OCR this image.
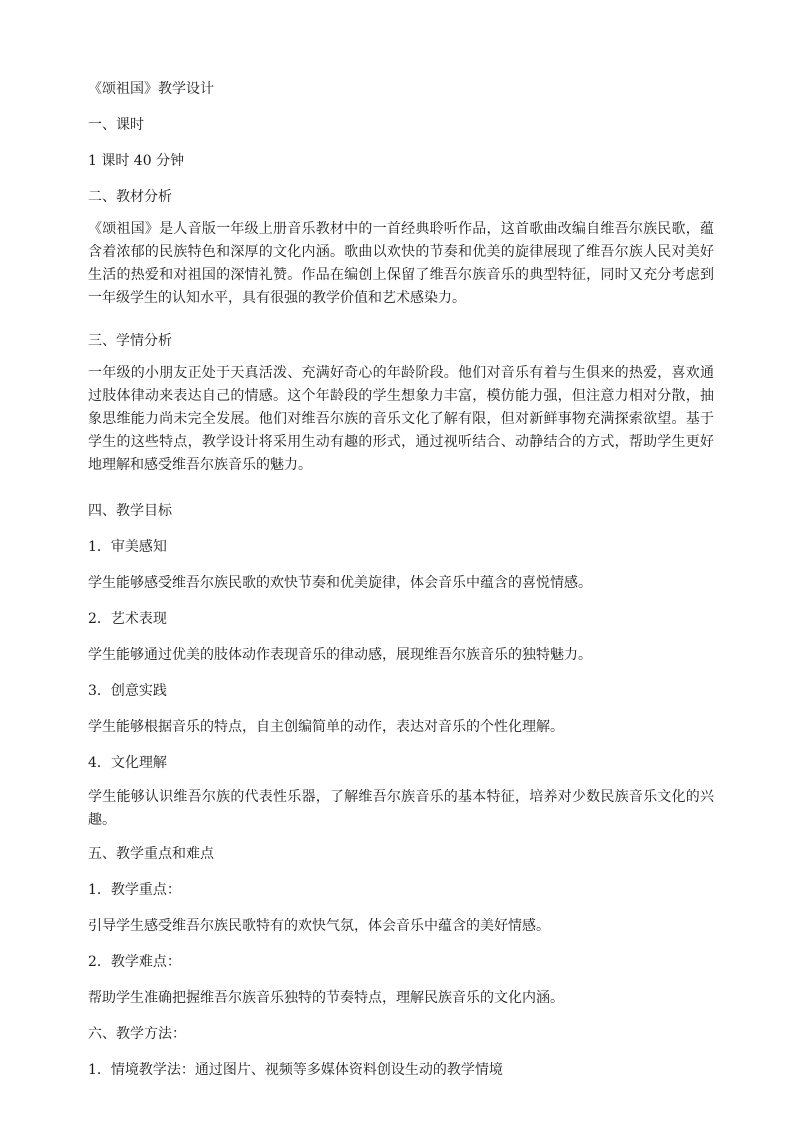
《颂祖国》教学设计
一、课时
1 课时 40 分钟
二、教材分析
《颂祖国》是人音版一年级上册音乐教材中的一首经典聆听作品，这首歌曲改编自维吾尔族民歌，蕴含着浓郁的民族特色和深厚的文化内涵。歌曲以欢快的节奏和优美的旋律展现了维吾尔族人民对美好生活的热爱和对祖国的深情礼赞。作品在编创上保留了维吾尔族音乐的典型特征，同时又充分考虑到一年级学生的认知水平，具有很强的教学价值和艺术感染力。
三、学情分析
一年级的小朋友正处于天真活泼、充满好奇心的年龄阶段。他们对音乐有着与生俱来的热爱，喜欢通过肢体律动来表达自己的情感。这个年龄段的学生想象力丰富，模仿能力强，但注意力相对分散，抽象思维能力尚未完全发展。他们对维吾尔族的音乐文化了解有限，但对新鲜事物充满探索欲望。基于学生的这些特点，教学设计将采用生动有趣的形式，通过视听结合、动静结合的方式，帮助学生更好地理解和感受维吾尔族音乐的魅力。
四、教学目标
1．审美感知
学生能够感受维吾尔族民歌的欢快节奏和优美旋律，体会音乐中蕴含的喜悦情感。
2．艺术表现
学生能够通过优美的肢体动作表现音乐的律动感，展现维吾尔族音乐的独特魅力。
3．创意实践
学生能够根据音乐的特点，自主创编简单的动作，表达对音乐的个性化理解。
4．文化理解
学生能够认识维吾尔族的代表性乐器，了解维吾尔族音乐的基本特征，培养对少数民族音乐文化的兴趣。
五、教学重点和难点
1．教学重点：
引导学生感受维吾尔族民歌特有的欢快气氛，体会音乐中蕴含的美好情感。
2．教学难点：
帮助学生准确把握维吾尔族音乐独特的节奏特点，理解民族音乐的文化内涵。
六、教学方法：
1．情境教学法：通过图片、视频等多媒体资料创设生动的教学情境
